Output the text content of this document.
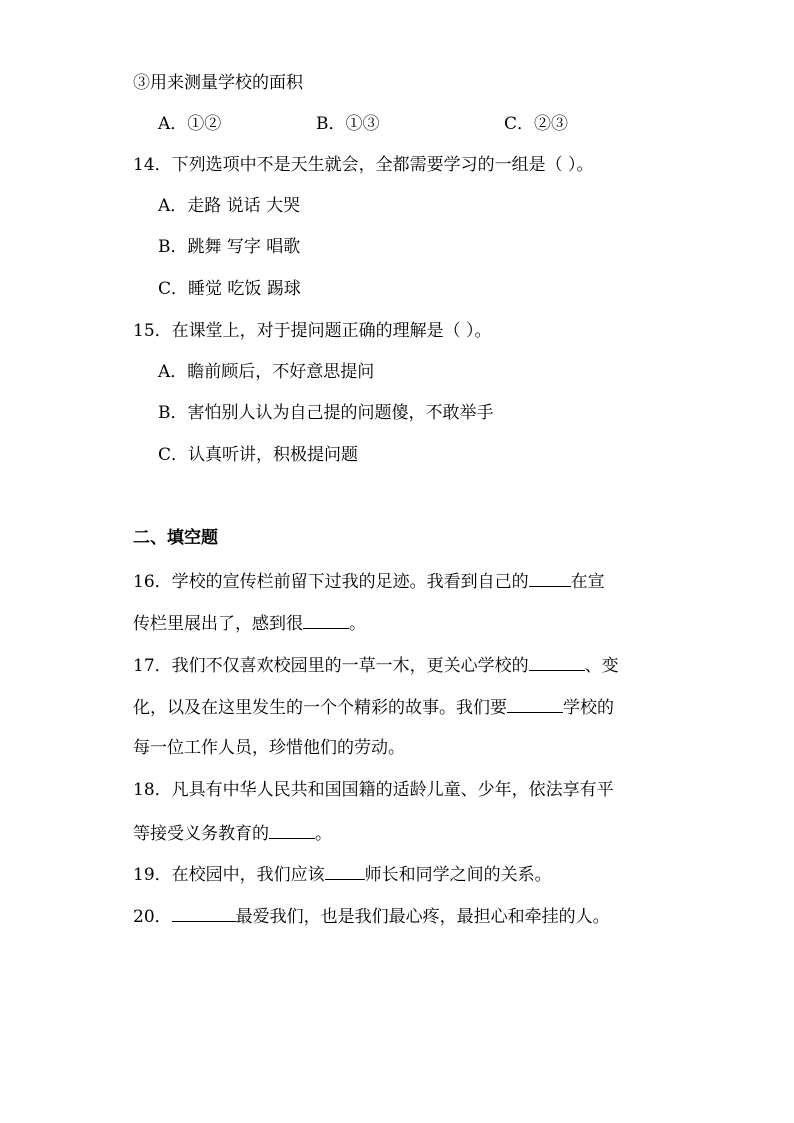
③用来测量学校的面积
A．①②	B．①③	C．②③
14．下列选项中不是天生就会，全都需要学习的一组是（ ）。
A．走路 说话 大哭
B．跳舞 写字 唱歌
C．睡觉 吃饭 踢球
15．在课堂上，对于提问题正确的理解是（ ）。
A．瞻前顾后，不好意思提问
B．害怕别人认为自己提的问题傻，不敢举手
C．认真听讲，积极提问题
二、填空题
16．学校的宣传栏前留下过我的足迹。我看到自己的 在宣
传栏里展出了，感到很	。
17．我们不仅喜欢校园里的一草一木，更关心学校的	、变
化，以及在这里发生的一个个精彩的故事。我们要	学校的
每一位工作人员，珍惜他们的劳动。
18．凡具有中华人民共和国国籍的适龄儿童、少年，依法享有平
等接受义务教育的	。
19．在校园中，我们应该 师长和同学之间的关系。
20．	最爱我们，也是我们最心疼，最担心和牵挂的人。
